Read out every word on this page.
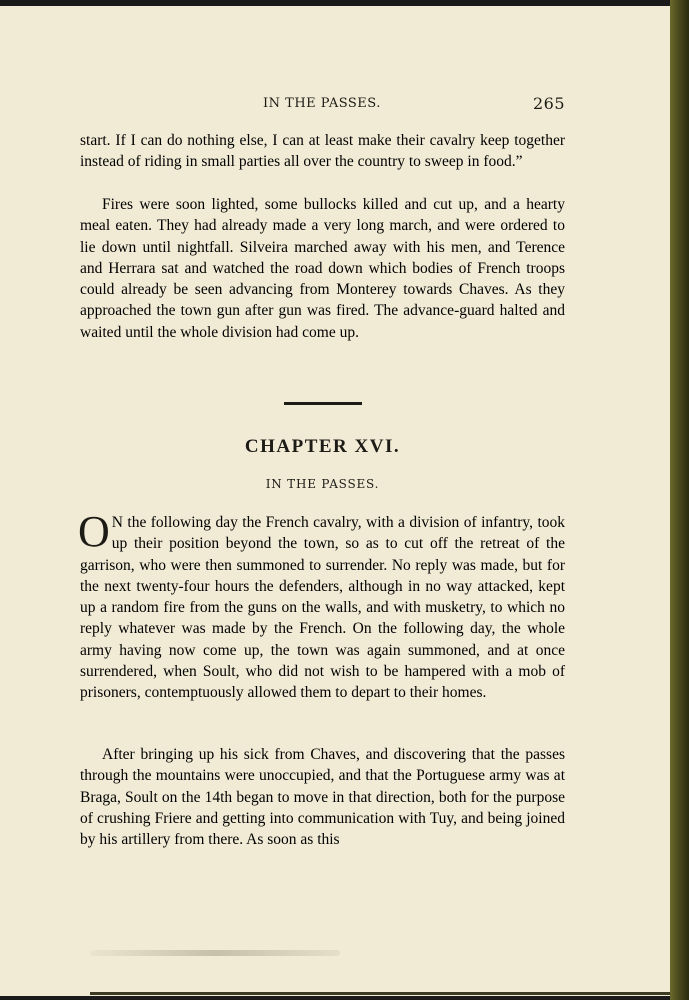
IN THE PASSES.	265

start. If I can do nothing else, I can at least make their cavalry keep together instead of riding in small parties all over the country to sweep in food.”

Fires were soon lighted, some bullocks killed and cut up, and a hearty meal eaten. They had already made a very long march, and were ordered to lie down until nightfall. Silveira marched away with his men, and Terence and Herrara sat and watched the road down which bodies of French troops could already be seen advancing from Monterey towards Chaves. As they approached the town gun after gun was fired. The advance-guard halted and waited until the whole division had come up.

CHAPTER XVI.
IN THE PASSES.

O N the following day the French cavalry, with a division of infantry, took up their position beyond the town, so as to cut off the retreat of the garrison, who were then summoned to surrender. No reply was made, but for the next twenty-four hours the defenders, although in no way attacked, kept up a random fire from the guns on the walls, and with musketry, to which no reply whatever was made by the French. On the following day, the whole army having now come up, the town was again summoned, and at once surrendered, when Soult, who did not wish to be hampered with a mob of prisoners, contemptuously allowed them to depart to their homes.

After bringing up his sick from Chaves, and discovering that the passes through the mountains were unoccupied, and that the Portuguese army was at Braga, Soult on the 14th began to move in that direction, both for the purpose of crushing Friere and getting into communication with Tuy, and being joined by his artillery from there. As soon as this
